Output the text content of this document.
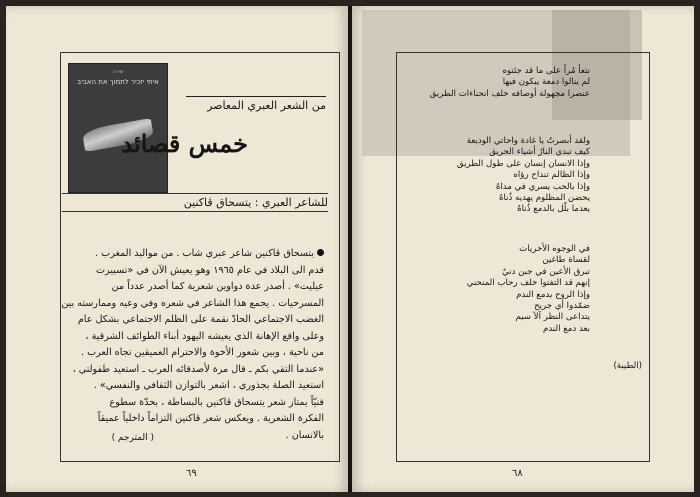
שירה
איתי יזכיר לתמוך את האביב
من الشعر العبري المعاصر
خمس قصائد
للشاعر العبري : يتسحاق ڤاكنين
يتسحاق ڤاكنين شاعر عبري شاب . من مواليد المغرب .
قدم الى البلاد في عام ١٩٦٥ وهو يعيش الآن في «تسبيرت
عيليت» . أصدر عدة دواوين شعرية كما أصدر عدداً من
المسرحيات . يجمع هذا الشاعر في شعره وفي وعيه وممارسته بين
الغضب الاجتماعي الحادّ نقمة على الظلم الاجتماعي بشكل عام
وعلى واقع الإهانة الذي يعيشه اليهود أبناء الطوائف الشرقية ،
من ناحية ، وبين شعور الأخوة والاحترام العميقين تجاه العرب .
«عندما التقي بكم ـ قال مرة لأصدقائه العرب ـ استعيد طفولتي ،
استعيد الصلة بجذوري ، اشعر بالتوازن الثقافي والنفسي» .
فنيّاً يمتاز شعر يتسحاق ڤاكنين بالبساطة ، بحدّة سطوع
الفكرة الشعرية . ويعكس شعر ڤاكنين التزاماً داخلياً عميقاً
بالانسان .
( المترجم )
٦٩
نتعأ مُراً على ما قد جئتوه
لم ينالوا دمعة يبكون فيها
عنصرا مجهولة أوصافه خلف انحناءات الطريق
ولقد أبصرتُ يا غادة واحاتي الوديعة
كيف تبدي النارُ أشياء الحريق
وإذا الانسان إنسان على طول الطريق
وإذا الظالم تنداح رؤاه
وإذا بالحب يسري في مداهُ
يحضن المظلوم يهديه ذُناهُ
يعدما بلّل بالدمع ذُناهُ
في الوجوه الأخريات
لقساة طاغين
تبرق الأعين في جبن دنيٌ
إنهم قد التفتوا خلف رحاب المنحني
وإذا الروح بدمع الندم
ضمّدوا أي جريح
يتداعى النظر آلآ سيم
بعد دمع الندم
(الطيبة)
٦٨
